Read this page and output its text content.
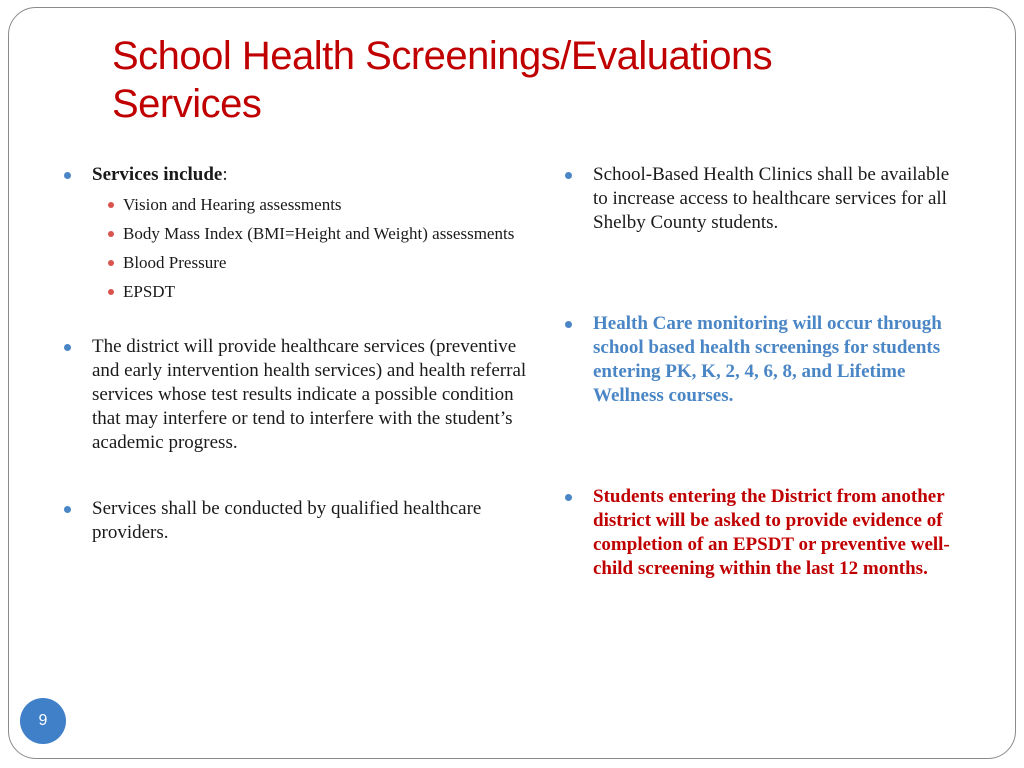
School Health Screenings/Evaluations
Services
Services include:
Vision and Hearing assessments
Body Mass Index (BMI=Height and Weight) assessments
Blood Pressure
EPSDT
The district will provide healthcare services (preventive and early intervention health services) and health referral services whose test results indicate a possible condition that may interfere or tend to interfere with the student’s academic progress.
Services shall be conducted by qualified healthcare providers.
School-Based Health Clinics shall be available to increase access to healthcare services for all Shelby County students.
Health Care monitoring will occur through school based health screenings for students entering PK, K, 2, 4, 6, 8, and Lifetime Wellness courses.
Students entering the District from another district will be asked to provide evidence of completion of an EPSDT or preventive well-child screening within the last 12 months.
9
